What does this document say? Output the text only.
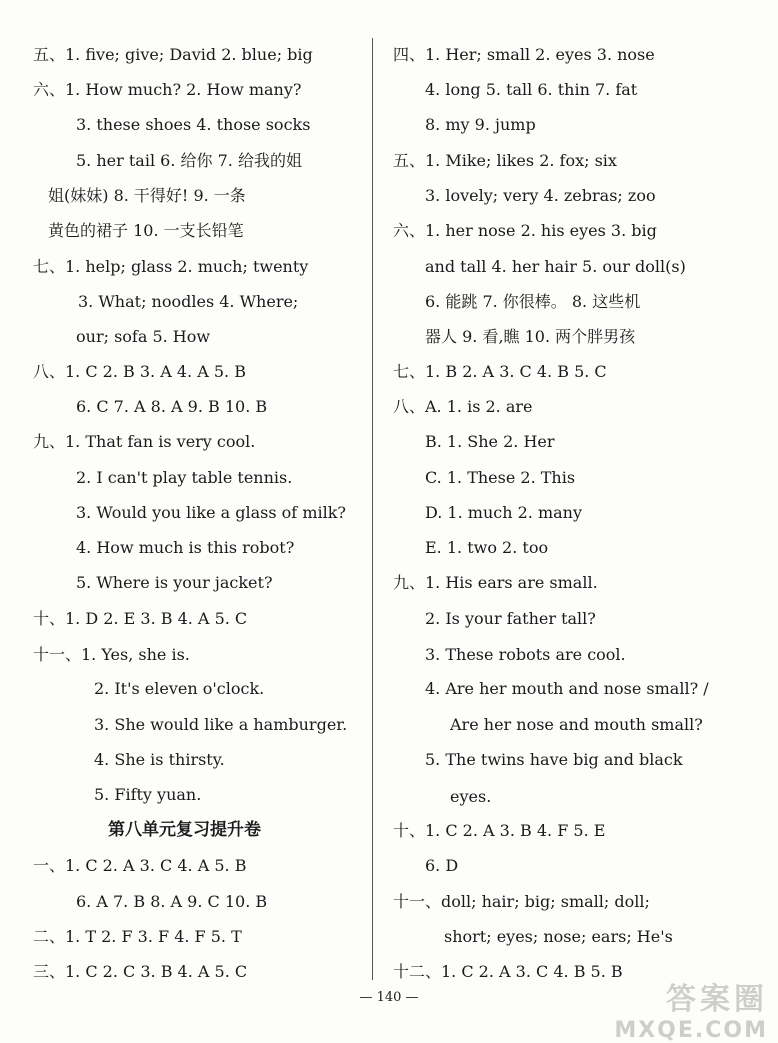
五、1. five; give; David 2. blue; big
六、1. How much? 2. How many?
3. these shoes 4. those socks
5. her tail 6. 给你 7. 给我的姐
姐(妹妹) 8. 干得好! 9. 一条
黄色的裙子 10. 一支长铅笔
七、1. help; glass 2. much; twenty
3. What; noodles 4. Where;
our; sofa 5. How
八、1. C 2. B 3. A 4. A 5. B
6. C 7. A 8. A 9. B 10. B
九、1. That fan is very cool.
2. I can't play table tennis.
3. Would you like a glass of milk?
4. How much is this robot?
5. Where is your jacket?
十、1. D 2. E 3. B 4. A 5. C
十一、1. Yes, she is.
2. It's eleven o'clock.
3. She would like a hamburger.
4. She is thirsty.
5. Fifty yuan.
第八单元复习提升卷
一、1. C 2. A 3. C 4. A 5. B
6. A 7. B 8. A 9. C 10. B
二、1. T 2. F 3. F 4. F 5. T
三、1. C 2. C 3. B 4. A 5. C
四、1. Her; small 2. eyes 3. nose
4. long 5. tall 6. thin 7. fat
8. my 9. jump
五、1. Mike; likes 2. fox; six
3. lovely; very 4. zebras; zoo
六、1. her nose 2. his eyes 3. big
and tall 4. her hair 5. our doll(s)
6. 能跳 7. 你很棒。 8. 这些机
器人 9. 看,瞧 10. 两个胖男孩
七、1. B 2. A 3. C 4. B 5. C
八、A. 1. is 2. are
B. 1. She 2. Her
C. 1. These 2. This
D. 1. much 2. many
E. 1. two 2. too
九、1. His ears are small.
2. Is your father tall?
3. These robots are cool.
4. Are her mouth and nose small? /
Are her nose and mouth small?
5. The twins have big and black
eyes.
十、1. C 2. A 3. B 4. F 5. E
6. D
十一、doll; hair; big; small; doll;
short; eyes; nose; ears; He's
十二、1. C 2. A 3. C 4. B 5. B
— 140 —	答案圈
MXQE.COM
